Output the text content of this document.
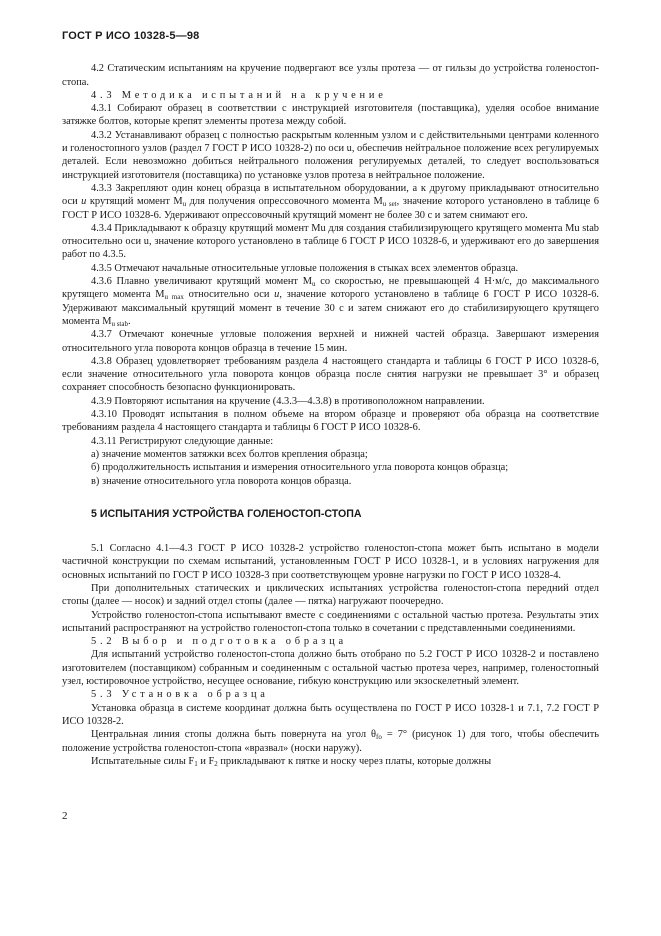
ГОСТ Р ИСО 10328-5—98

4.2 Статическим испытаниям на кручение подвергают все узлы протеза — от гильзы до устройства голеностоп-стопа.

4.3 Методика испытаний на кручение

4.3.1 Собирают образец в соответствии с инструкцией изготовителя (поставщика), уделяя особое внимание затяжке болтов, которые крепят элементы протеза между собой.

4.3.2 Устанавливают образец с полностью раскрытым коленным узлом и с действительными центрами коленного и голеностопного узлов (раздел 7 ГОСТ Р ИСО 10328-2) по оси u, обеспечив нейтральное положение всех регулируемых деталей. Если невозможно добиться нейтрального положения регулируемых деталей, то следует воспользоваться инструкцией изготовителя (поставщика) по установке узлов протеза в нейтральное положение.

4.3.3 Закрепляют один конец образца в испытательном оборудовании, а к другому прикладывают относительно оси u крутящий момент $M_u$ для получения опрессовочного момента $M_{u set}$, значение которого установлено в таблице 6 ГОСТ Р ИСО 10328-6. Удерживают опрессовочный крутящий момент не более 30 с и затем снимают его.

4.3.4 Прикладывают к образцу крутящий момент Mu для создания стабилизирующего крутящего момента Mu stab относительно оси u, значение которого установлено в таблице 6 ГОСТ Р ИСО 10328-6, и удерживают его до завершения работ по 4.3.5.

4.3.5 Отмечают начальные относительные угловые положения в стыках всех элементов образца.

4.3.6 Плавно увеличивают крутящий момент $M_u$ со скоростью, не превышающей 4 Н·м/с, до максимального крутящего момента $M_{u max}$ относительно оси u, значение которого установлено в таблице 6 ГОСТ Р ИСО 10328-6. Удерживают максимальный крутящий момент в течение 30 с и затем снижают его до стабилизирующего крутящего момента $M_{u stab}$.

4.3.7 Отмечают конечные угловые положения верхней и нижней частей образца. Завершают измерения относительного угла поворота концов образца в течение 15 мин.

4.3.8 Образец удовлетворяет требованиям раздела 4 настоящего стандарта и таблицы 6 ГОСТ Р ИСО 10328-6, если значение относительного угла поворота концов образца после снятия нагрузки не превышает 3° и образец сохраняет способность безопасно функционировать.

4.3.9 Повторяют испытания на кручение (4.3.3—4.3.8) в противоположном направлении.

4.3.10 Проводят испытания в полном объеме на втором образце и проверяют оба образца на соответствие требованиям раздела 4 настоящего стандарта и таблицы 6 ГОСТ Р ИСО 10328-6.

4.3.11 Регистрируют следующие данные:

а) значение моментов затяжки всех болтов крепления образца;

б) продолжительность испытания и измерения относительного угла поворота концов образца;

в) значение относительного угла поворота концов образца.

5 ИСПЫТАНИЯ УСТРОЙСТВА ГОЛЕНОСТОП-СТОПА

5.1 Согласно 4.1—4.3 ГОСТ Р ИСО 10328-2 устройство голеностоп-стопа может быть испытано в модели частичной конструкции по схемам испытаний, установленным ГОСТ Р ИСО 10328-1, и в условиях нагружения для основных испытаний по ГОСТ Р ИСО 10328-3 при соответствующем уровне нагрузки по ГОСТ Р ИСО 10328-4.

При дополнительных статических и циклических испытаниях устройства голеностоп-стопа передний отдел стопы (далее — носок) и задний отдел стопы (далее — пятка) нагружают поочередно.

Устройство голеностоп-стопа испытывают вместе с соединениями с остальной частью протеза. Результаты этих испытаний распространяют на устройство голеностоп-стопа только в сочетании с представленными соединениями.

5.2 Выбор и подготовка образца

Для испытаний устройство голеностоп-стопа должно быть отобрано по 5.2 ГОСТ Р ИСО 10328-2 и поставлено изготовителем (поставщиком) собранным и соединенным с остальной частью протеза через, например, голеностопный узел, юстировочное устройство, несущее основание, гибкую конструкцию или экзоскелетный элемент.

5.3 Установка образца

Установка образца в системе координат должна быть осуществлена по ГОСТ Р ИСО 10328-1 и 7.1, 7.2 ГОСТ Р ИСО 10328-2.

Центральная линия стопы должна быть повернута на угол $\theta_{fo} = 7^\circ$ (рисунок 1) для того, чтобы обеспечить положение устройства голеностоп-стопа «вразвал» (носки наружу).

Испытательные силы $F_1$ и $F_2$ прикладывают к пятке и носку через платы, которые должны

2
